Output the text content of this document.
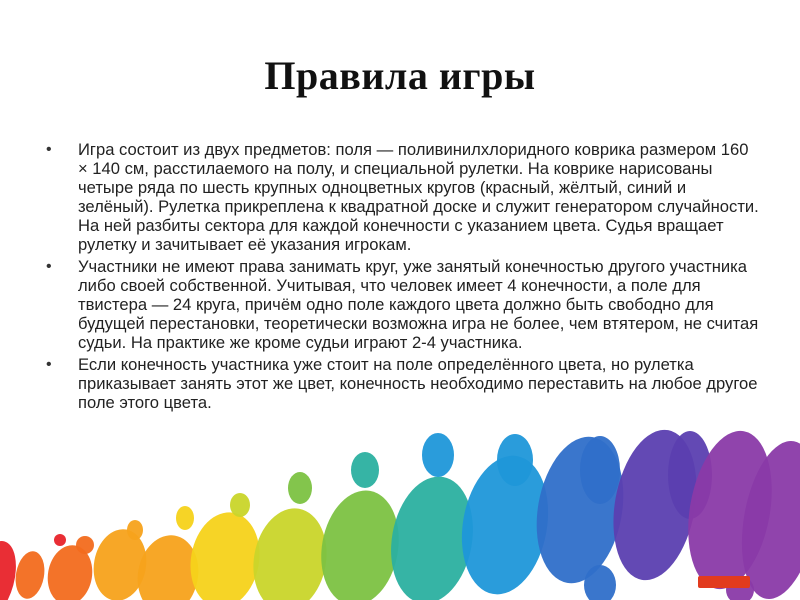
Правила игры
• Игра состоит из двух предметов: поля — поливинилхлоридного коврика размером 160 × 140 см, расстилаемого на полу, и специальной рулетки. На коврике нарисованы четыре ряда по шесть крупных одноцветных кругов (красный, жёлтый, синий и зелёный). Рулетка прикреплена к квадратной доске и служит генератором случайности. На ней разбиты сектора для каждой конечности с указанием цвета. Судья вращает рулетку и зачитывает её указания игрокам.
• Участники не имеют права занимать круг, уже занятый конечностью другого участника либо своей собственной. Учитывая, что человек имеет 4 конечности, а поле для твистера — 24 круга, причём одно поле каждого цвета должно быть свободно для будущей перестановки, теоретически возможна игра не более, чем втятером, не считая судьи. На практике же кроме судьи играют 2-4 участника.
• Если конечность участника уже стоит на поле определённого цвета, но рулетка приказывает занять этот же цвет, конечность необходимо переставить на любое другое поле этого цвета.
